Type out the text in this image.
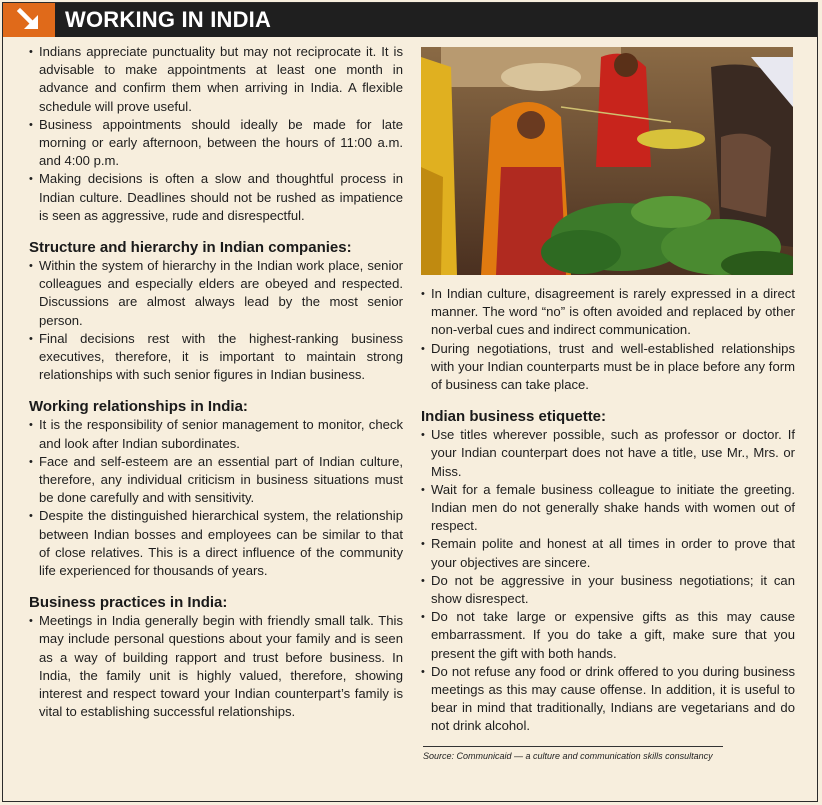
WORKING IN INDIA
• Indians appreciate punctuality but may not reciprocate it. It is advisable to make appointments at least one month in advance and confirm them when arriving in India. A flexible schedule will prove useful.
• Business appointments should ideally be made for late morning or early afternoon, between the hours of 11:00 a.m. and 4:00 p.m.
• Making decisions is often a slow and thoughtful process in Indian culture. Deadlines should not be rushed as impatience is seen as aggressive, rude and disrespectful.
Structure and hierarchy in Indian companies:
• Within the system of hierarchy in the Indian work place, senior colleagues and especially elders are obeyed and respected. Discussions are almost always lead by the most senior person.
• Final decisions rest with the highest-ranking business executives, therefore, it is important to maintain strong relationships with such senior figures in Indian business.
Working relationships in India:
• It is the responsibility of senior management to monitor, check and look after Indian subordinates.
• Face and self-esteem are an essential part of Indian culture, therefore, any individual criticism in business situations must be done carefully and with sensitivity.
• Despite the distinguished hierarchical system, the relationship between Indian bosses and employees can be similar to that of close relatives. This is a direct influence of the community life experienced for thousands of years.
Business practices in India:
• Meetings in India generally begin with friendly small talk. This may include personal questions about your family and is seen as a way of building rapport and trust before business. In India, the family unit is highly valued, therefore, showing interest and respect toward your Indian counterpart’s family is vital to establishing successful relationships.
• In Indian culture, disagreement is rarely expressed in a direct manner. The word “no” is often avoided and replaced by other non-verbal cues and indirect communication.
• During negotiations, trust and well-established relationships with your Indian counterparts must be in place before any form of business can take place.
Indian business etiquette:
• Use titles wherever possible, such as professor or doctor. If your Indian counterpart does not have a title, use Mr., Mrs. or Miss.
• Wait for a female business colleague to initiate the greeting. Indian men do not generally shake hands with women out of respect.
• Remain polite and honest at all times in order to prove that your objectives are sincere.
• Do not be aggressive in your business negotiations; it can show disrespect.
• Do not take large or expensive gifts as this may cause embarrassment. If you do take a gift, make sure that you present the gift with both hands.
• Do not refuse any food or drink offered to you during business meetings as this may cause offense. In addition, it is useful to bear in mind that traditionally, Indians are vegetarians and do not drink alcohol.
Source: Communicaid — a culture and communication skills consultancy
